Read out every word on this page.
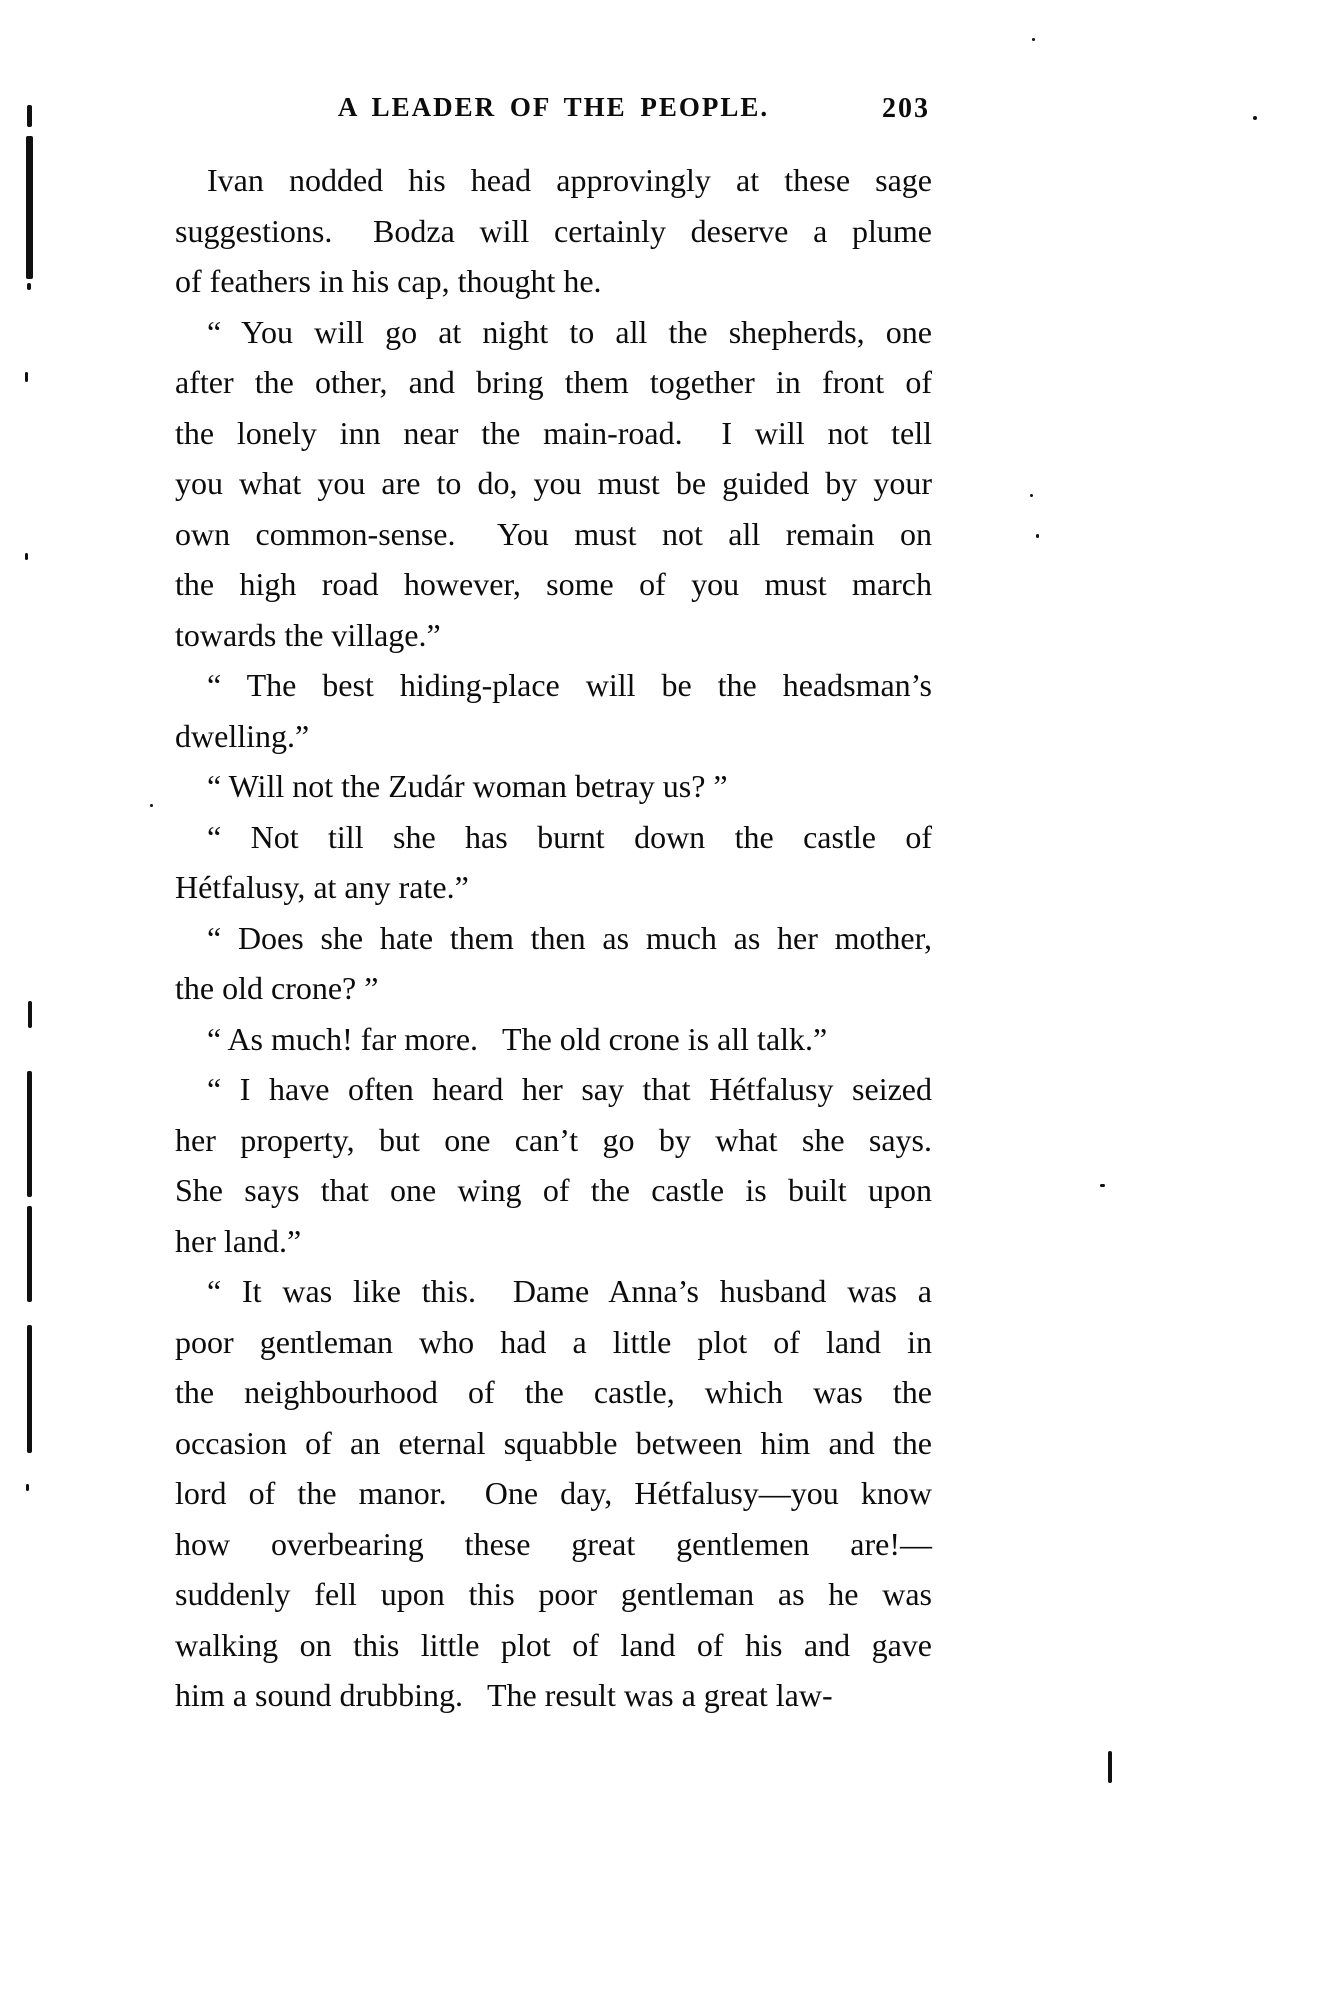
A LEADER OF THE PEOPLE.	203
Ivan nodded his head approvingly at these sage
suggestions.  Bodza will certainly deserve a plume
of feathers in his cap, thought he.
“ You will go at night to all the shepherds, one
after the other, and bring them together in front of
the lonely inn near the main-road.  I will not tell
you what you are to do, you must be guided by your
own common-sense.  You must not all remain on
the high road however, some of you must march
towards the village.”
“ The best hiding-place will be the headsman’s
dwelling.”
“ Will not the Zudár woman betray us? ”
“ Not till she has burnt down the castle of
Hétfalusy, at any rate.”
“ Does she hate them then as much as her mother,
the old crone? ”
“ As much! far more.  The old crone is all talk.”
“ I have often heard her say that Hétfalusy seized
her property, but one can’t go by what she says.
She says that one wing of the castle is built upon
her land.”
“ It was like this.  Dame Anna’s husband was a
poor gentleman who had a little plot of land in
the neighbourhood of the castle, which was the
occasion of an eternal squabble between him and the
lord of the manor.  One day, Hétfalusy—you know
how overbearing these great gentlemen are!—
suddenly fell upon this poor gentleman as he was
walking on this little plot of land of his and gave
him a sound drubbing.  The result was a great law-
